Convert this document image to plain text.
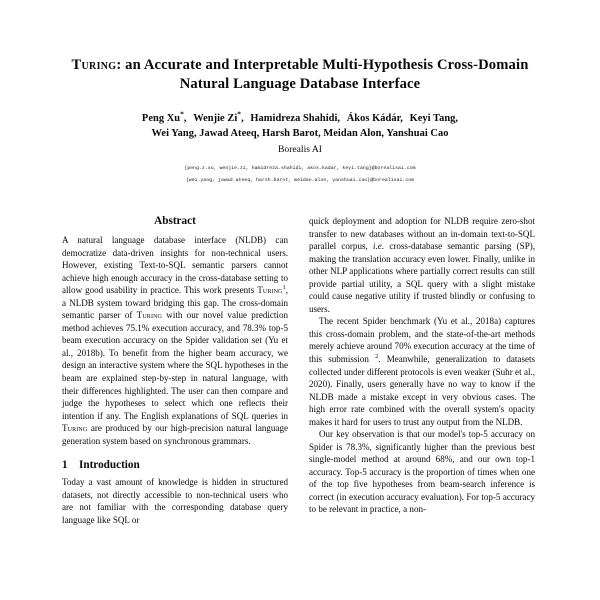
Turing: an Accurate and Interpretable Multi-Hypothesis Cross-Domain
Natural Language Database Interface
Peng Xu*, Wenjie Zi*, Hamidreza Shahidi, Ákos Kádár, Keyi Tang,
Wei Yang, Jawad Ateeq, Harsh Barot, Meidan Alon, Yanshuai Cao
Borealis AI
{peng.z.xu, wenjie.zi, hamidreza.shahidi, akos.kadar, keyi.tang}@borealisai.com
{wei.yang, jawad.ateeq, harsh.barot, meidan.alon, yanshuai.cao}@borealisai.com
Abstract

A natural language database interface (NLDB) can democratize data-driven insights for non-technical users. However, existing Text-to-SQL semantic parsers cannot achieve high enough accuracy in the cross-database setting to allow good usability in practice. This work presents Turing$^1$, a NLDB system toward bridging this gap. The cross-domain semantic parser of Turing with our novel value prediction method achieves 75.1% execution accuracy, and 78.3% top-5 beam execution accuracy on the Spider validation set (Yu et al., 2018b). To benefit from the higher beam accuracy, we design an interactive system where the SQL hypotheses in the beam are explained step-by-step in natural language, with their differences highlighted. The user can then compare and judge the hypotheses to select which one reflects their intention if any. The English explanations of SQL queries in Turing are produced by our high-precision natural language generation system based on synchronous grammars.

1	Introduction

Today a vast amount of knowledge is hidden in structured datasets, not directly accessible to non-technical users who are not familiar with the corresponding database query language like SQL or

quick deployment and adoption for NLDB require zero-shot transfer to new databases without an in-domain text-to-SQL parallel corpus, i.e. cross-database semantic parsing (SP), making the translation accuracy even lower. Finally, unlike in other NLP applications where partially correct results can still provide partial utility, a SQL query with a slight mistake could cause negative utility if trusted blindly or confusing to users.

The recent Spider benchmark (Yu et al., 2018a) captures this cross-domain problem, and the state-of-the-art methods merely achieve around 70% execution accuracy at the time of this submission $^2$. Meanwhile, generalization to datasets collected under different protocols is even weaker (Suhr et al., 2020). Finally, users generally have no way to know if the NLDB made a mistake except in very obvious cases. The high error rate combined with the overall system's opacity makes it hard for users to trust any output from the NLDB.

Our key observation is that our model's top-5 accuracy on Spider is 78.3%, significantly higher than the previous best single-model method at around 68%, and our own top-1 accuracy. Top-5 accuracy is the proportion of times when one of the top five hypotheses from beam-search inference is correct (in execution accuracy evaluation). For top-5 accuracy to be relevant in practice, a non-
